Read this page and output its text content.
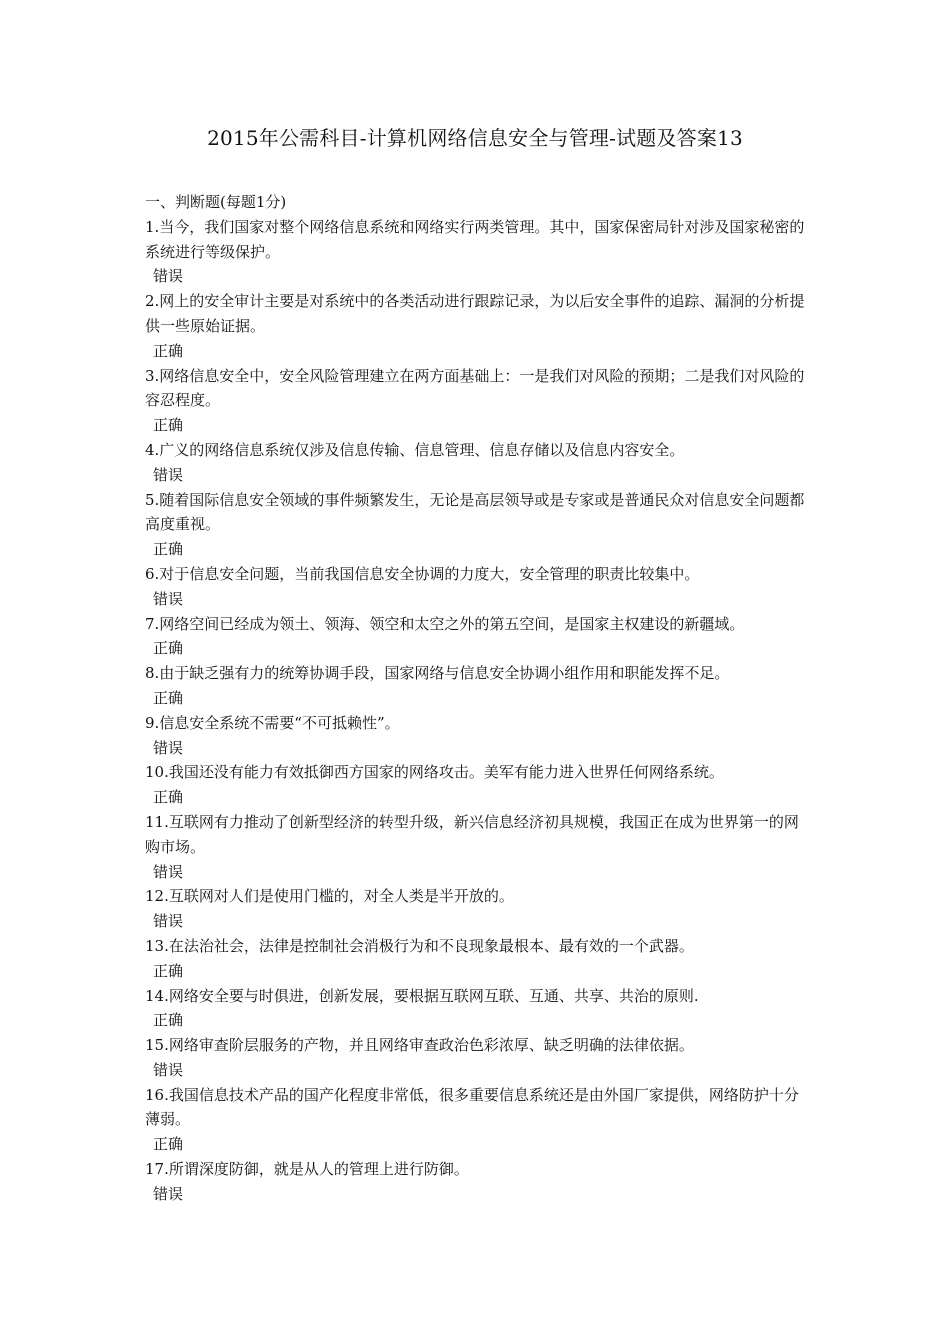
2015年公需科目-计算机网络信息安全与管理-试题及答案13

一、判断题(每题1分)

1.当今，我们国家对整个网络信息系统和网络实行两类管理。其中，国家保密局针对涉及国家秘密的系统进行等级保护。

错误

2.网上的安全审计主要是对系统中的各类活动进行跟踪记录，为以后安全事件的追踪、漏洞的分析提供一些原始证据。

正确

3.网络信息安全中，安全风险管理建立在两方面基础上：一是我们对风险的预期；二是我们对风险的容忍程度。

正确

4.广义的网络信息系统仅涉及信息传输、信息管理、信息存储以及信息内容安全。

错误

5.随着国际信息安全领域的事件频繁发生，无论是高层领导或是专家或是普通民众对信息安全问题都高度重视。

正确

6.对于信息安全问题，当前我国信息安全协调的力度大，安全管理的职责比较集中。

错误

7.网络空间已经成为领土、领海、领空和太空之外的第五空间，是国家主权建设的新疆域。

正确

8.由于缺乏强有力的统筹协调手段，国家网络与信息安全协调小组作用和职能发挥不足。

正确

9.信息安全系统不需要“不可抵赖性”。

错误

10.我国还没有能力有效抵御西方国家的网络攻击。美军有能力进入世界任何网络系统。

正确

11.互联网有力推动了创新型经济的转型升级，新兴信息经济初具规模，我国正在成为世界第一的网购市场。

错误

12.互联网对人们是使用门槛的，对全人类是半开放的。

错误

13.在法治社会，法律是控制社会消极行为和不良现象最根本、最有效的一个武器。

正确

14.网络安全要与时俱进，创新发展，要根据互联网互联、互通、共享、共治的原则.

正确

15.网络审查阶层服务的产物，并且网络审查政治色彩浓厚、缺乏明确的法律依据。

错误

16.我国信息技术产品的国产化程度非常低，很多重要信息系统还是由外国厂家提供，网络防护十分薄弱。

正确

17.所谓深度防御，就是从人的管理上进行防御。

错误
